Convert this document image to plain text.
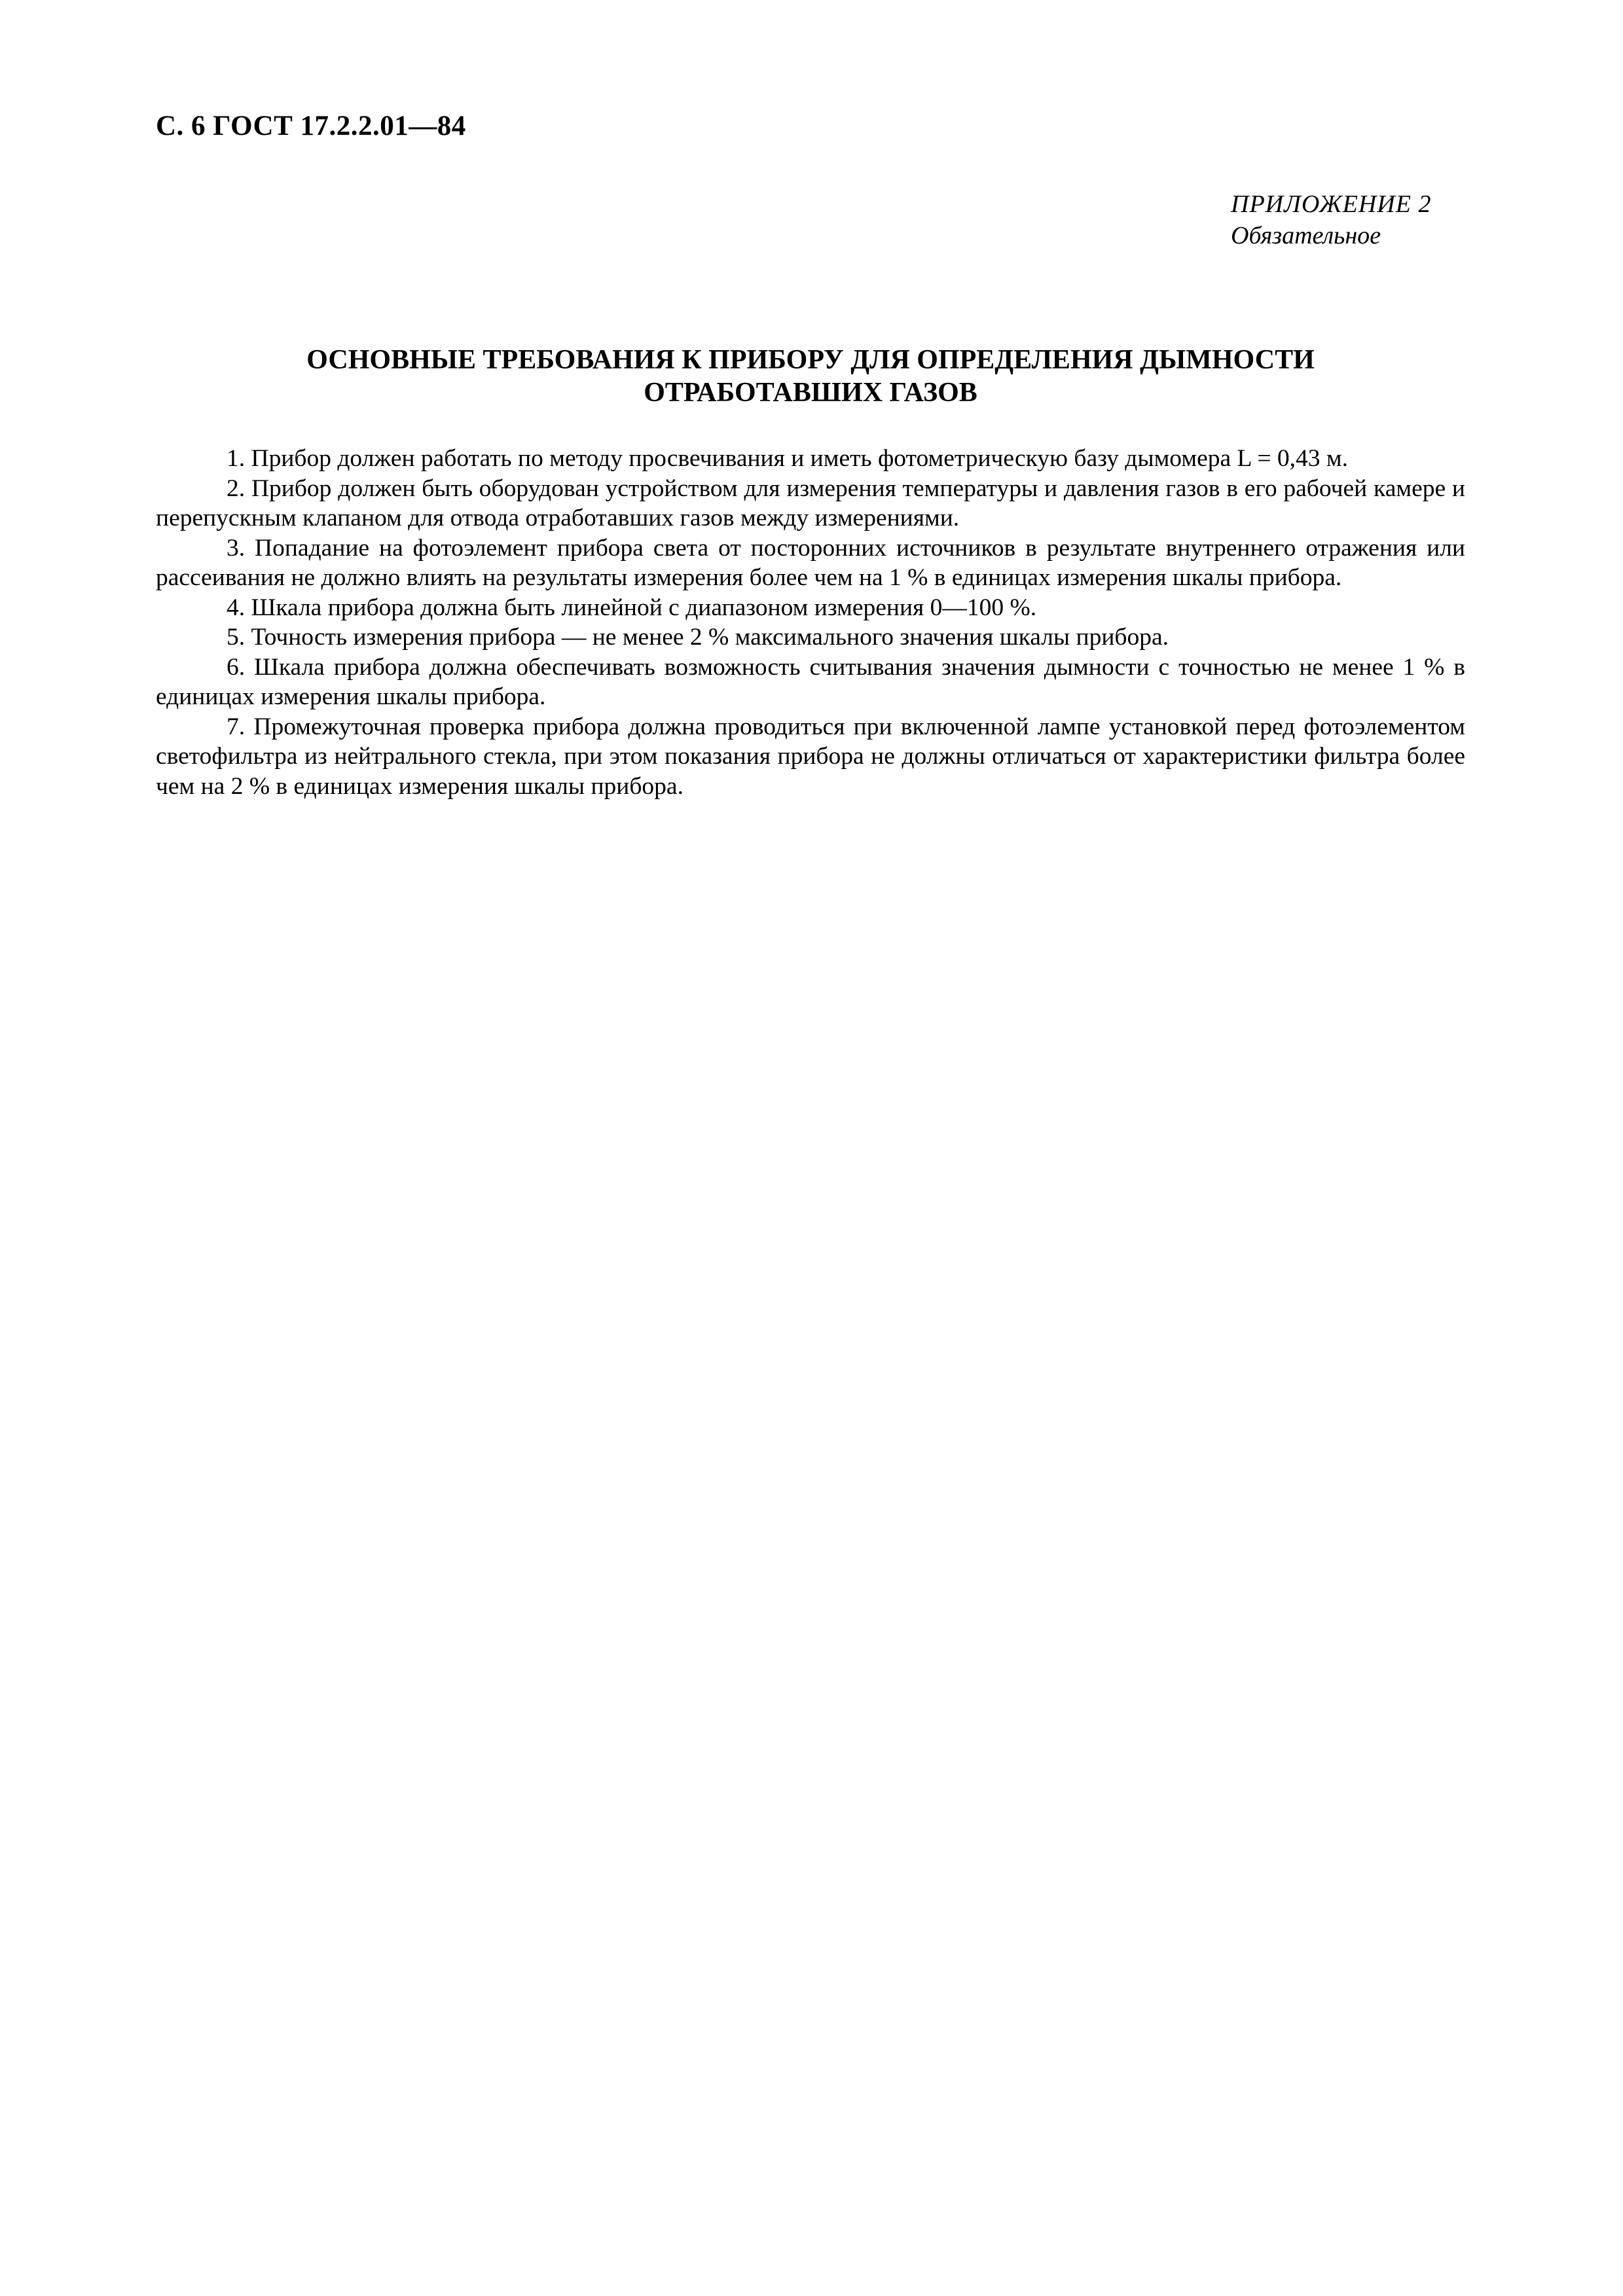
С. 6 ГОСТ 17.2.2.01—84
ПРИЛОЖЕНИЕ 2
Обязательное
ОСНОВНЫЕ ТРЕБОВАНИЯ К ПРИБОРУ ДЛЯ ОПРЕДЕЛЕНИЯ ДЫМНОСТИ
ОТРАБОТАВШИХ ГАЗОВ

1. Прибор должен работать по методу просвечивания и иметь фотометрическую базу дымомера L = 0,43 м.

2. Прибор должен быть оборудован устройством для измерения температуры и давления газов в его рабочей камере и перепускным клапаном для отвода отработавших газов между измерениями.

3. Попадание на фотоэлемент прибора света от посторонних источников в результате внутреннего отражения или рассеивания не должно влиять на результаты измерения более чем на 1 % в единицах измерения шкалы прибора.

4. Шкала прибора должна быть линейной с диапазоном измерения 0—100 %.

5. Точность измерения прибора — не менее 2 % максимального значения шкалы прибора.

6. Шкала прибора должна обеспечивать возможность считывания значения дымности с точностью не менее 1 % в единицах измерения шкалы прибора.

7. Промежуточная проверка прибора должна проводиться при включенной лампе установкой перед фотоэлементом светофильтра из нейтрального стекла, при этом показания прибора не должны отличаться от характеристики фильтра более чем на 2 % в единицах измерения шкалы прибора.
